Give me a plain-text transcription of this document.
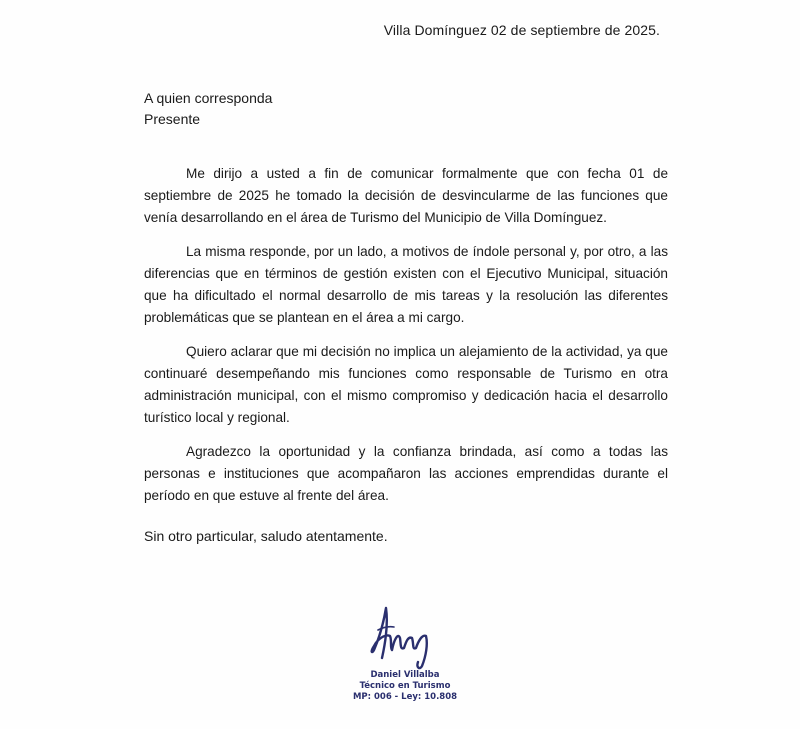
Villa Domínguez 02 de septiembre de 2025.
A quien corresponda
Presente

Me dirijo a usted a fin de comunicar formalmente que con fecha 01 de septiembre de 2025 he tomado la decisión de desvincularme de las funciones que venía desarrollando en el área de Turismo del Municipio de Villa Domínguez.

La misma responde, por un lado, a motivos de índole personal y, por otro, a las diferencias que en términos de gestión existen con el Ejecutivo Municipal, situación que ha dificultado el normal desarrollo de mis tareas y la resolución las diferentes problemáticas que se plantean en el área a mi cargo.

Quiero aclarar que mi decisión no implica un alejamiento de la actividad, ya que continuaré desempeñando mis funciones como responsable de Turismo en otra administración municipal, con el mismo compromiso y dedicación hacia el desarrollo turístico local y regional.

Agradezco la oportunidad y la confianza brindada, así como a todas las personas e instituciones que acompañaron las acciones emprendidas durante el período en que estuve al frente del área.

Sin otro particular, saludo atentamente.
Daniel Villalba
Técnico en Turismo
MP: 006 - Ley: 10.808
